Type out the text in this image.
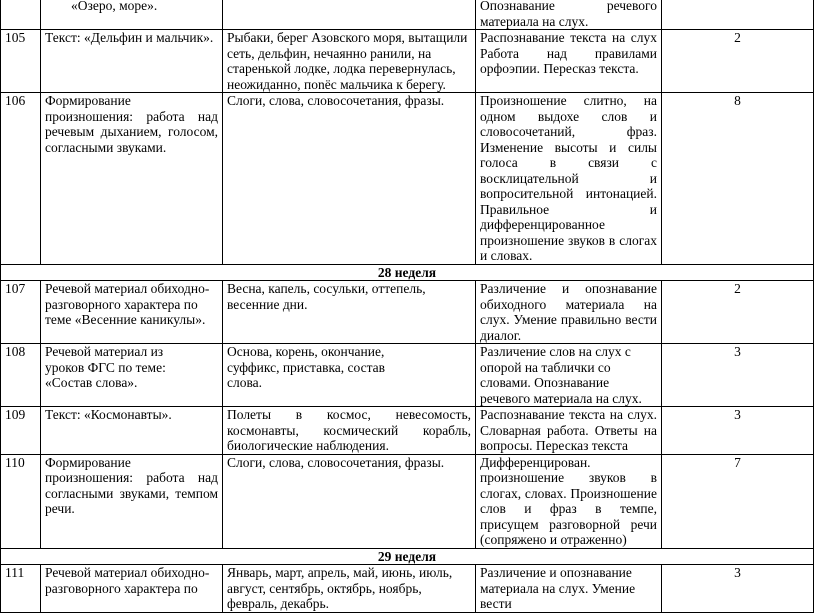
	«Озеро, море».		Опознавание речевого материала на слух.	
105	Текст: «Дельфин и мальчик».	Рыбаки, берег Азовского моря, вытащили сеть, дельфин, нечаянно ранили, на старенькой лодке, лодка перевернулась, неожиданно, поnёс мальчика к берегу.	Распознавание текста на слух Работа над правилами орфоэпии. Пересказ текста.	2
106	Формирование произношения: работа над речевым дыханием, голосом, согласными звуками.	Слоги, слова, словосочетания, фразы.	Произношение слитно, на одном выдохе слов и словосочетаний, фраз. Изменение высоты и силы голоса в связи с восклицательной и вопросительной интонацией. Правильное и дифференцированное произношение звуков в слогах и словах.	8
28 неделя				
107	Речевой материал обиходно-разговорного характера по теме «Весенние каникулы».	Весна, капель, сосульки, оттепель, весенние дни.	Различение и опознавание обиходного материала на слух. Умение правильно вести диалог.	2
108	Речевой материал из уроков ФГС по теме: «Состав слова».	Основа, корень, окончание, суффикс, приставка, состав слова.	Различение слов на слух с опорой на таблички со словами. Опознавание речевого материала на слух.	3
109	Текст: «Космонавты».	Полеты в космос, невесомость, космонавты, космический корабль, биологические наблюдения.	Распознавание текста на слух. Словарная работа. Ответы на вопросы. Пересказ текста	3
110	Формирование произношения: работа над согласными звуками, темпом речи.	Слоги, слова, словосочетания, фразы.	Дифференцирован. произношение звуков в слогах, словах. Произношение слов и фраз в темпе, присущем разговорной речи (сопряжено и отраженно)	7
29 неделя				
111	Речевой материал обиходно-разговорного характера по	Январь, март, апрель, май, июнь, июль, август, сентябрь, октябрь, ноябрь, февраль, декабрь.	Различение и опознавание материала на слух. Умение вести	3
